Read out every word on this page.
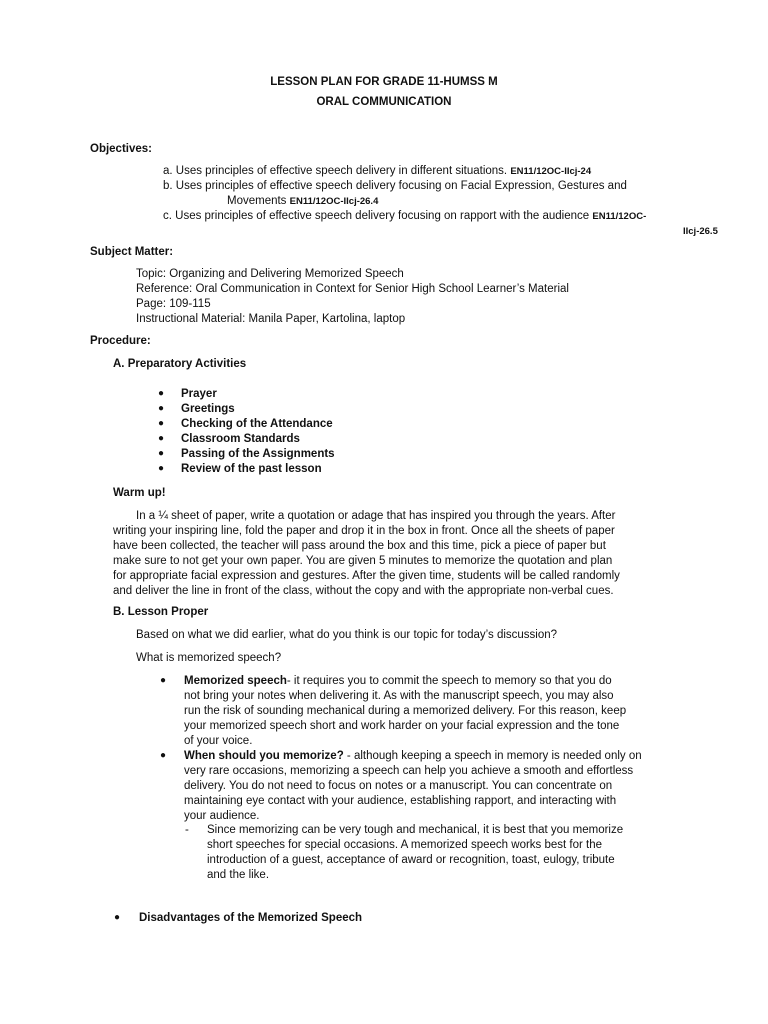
LESSON PLAN FOR GRADE 11-HUMSS M
ORAL COMMUNICATION
Objectives:
a. Uses principles of effective speech delivery in different situations. EN11/12OC-IIcj-24
b. Uses principles of effective speech delivery focusing on Facial Expression, Gestures and
Movements EN11/12OC-IIcj-26.4
c. Uses principles of effective speech delivery focusing on rapport with the audience EN11/12OC-
IIcj-26.5
Subject Matter:
Topic: Organizing and Delivering Memorized Speech
Reference: Oral Communication in Context for Senior High School Learner’s Material
Page: 109-115
Instructional Material: Manila Paper, Kartolina, laptop
Procedure:
A. Preparatory Activities
● Prayer
● Greetings
● Checking of the Attendance
● Classroom Standards
● Passing of the Assignments
● Review of the past lesson
Warm up!
In a ¼ sheet of paper, write a quotation or adage that has inspired you through the years. After
writing your inspiring line, fold the paper and drop it in the box in front. Once all the sheets of paper
have been collected, the teacher will pass around the box and this time, pick a piece of paper but
make sure to not get your own paper. You are given 5 minutes to memorize the quotation and plan
for appropriate facial expression and gestures. After the given time, students will be called randomly
and deliver the line in front of the class, without the copy and with the appropriate non-verbal cues.
B. Lesson Proper
Based on what we did earlier, what do you think is our topic for today’s discussion?
What is memorized speech?
● Memorized speech- it requires you to commit the speech to memory so that you do
not bring your notes when delivering it. As with the manuscript speech, you may also
run the risk of sounding mechanical during a memorized delivery. For this reason, keep
your memorized speech short and work harder on your facial expression and the tone
of your voice.
● When should you memorize? - although keeping a speech in memory is needed only on
very rare occasions, memorizing a speech can help you achieve a smooth and effortless
delivery. You do not need to focus on notes or a manuscript. You can concentrate on
maintaining eye contact with your audience, establishing rapport, and interacting with
your audience.
- Since memorizing can be very tough and mechanical, it is best that you memorize
short speeches for special occasions. A memorized speech works best for the
introduction of a guest, acceptance of award or recognition, toast, eulogy, tribute
and the like.
● Disadvantages of the Memorized Speech
